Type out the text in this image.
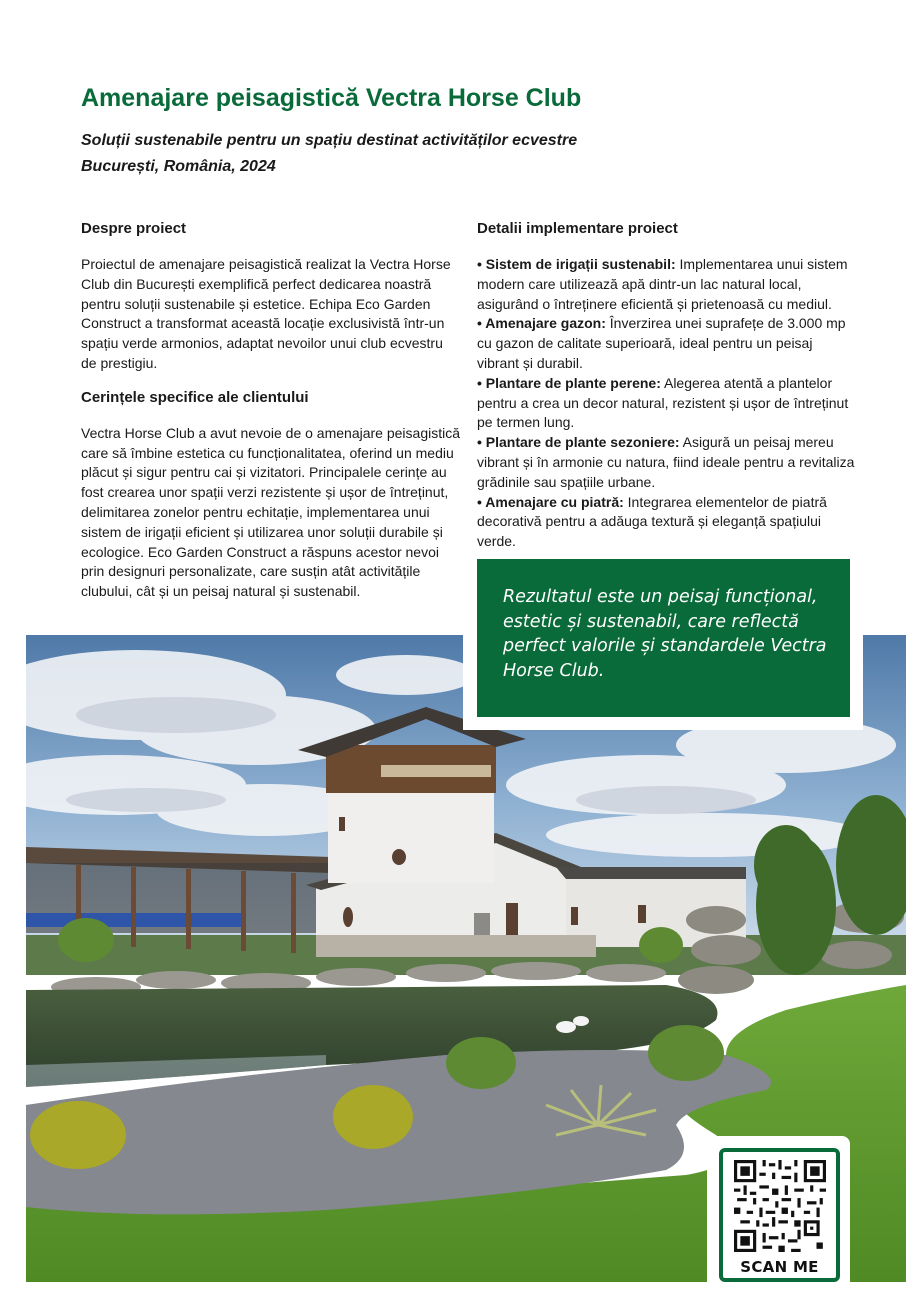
Amenajare peisagistică Vectra Horse Club
Soluții sustenabile pentru un spațiu destinat activităților ecvestre
București, România, 2024
Despre proiect

Proiectul de amenajare peisagistică realizat la Vectra Horse Club din București exemplifică perfect dedicarea noastră pentru soluții sustenabile și estetice. Echipa Eco Garden Construct a transformat această locație exclusivistă într-un spațiu verde armonios, adaptat nevoilor unui club ecvestru de prestigiu.

Cerințele specifice ale clientului

Vectra Horse Club a avut nevoie de o amenajare peisagistică care să îmbine estetica cu funcționalitatea, oferind un mediu plăcut și sigur pentru cai și vizitatori. Principalele cerințe au fost crearea unor spații verzi rezistente și ușor de întreținut, delimitarea zonelor pentru echitație, implementarea unui sistem de irigații eficient și utilizarea unor soluții durabile și ecologice. Eco Garden Construct a răspuns acestor nevoi prin designuri personalizate, care susțin atât activitățile clubului, cât și un peisaj natural și sustenabil.

Detalii implementare proiect
• Sistem de irigații sustenabil: Implementarea unui sistem modern care utilizează apă dintr-un lac natural local, asigurând o întreținere eficientă și prietenoasă cu mediul.
• Amenajare gazon: Înverzirea unei suprafețe de 3.000 mp cu gazon de calitate superioară, ideal pentru un peisaj vibrant și durabil.
• Plantare de plante perene: Alegerea atentă a plantelor pentru a crea un decor natural, rezistent și ușor de întreținut pe termen lung.
• Plantare de plante sezoniere: Asigură un peisaj mereu vibrant și în armonie cu natura, fiind ideale pentru a revitaliza grădinile sau spațiile urbane.
• Amenajare cu piatră: Integrarea elementelor de piatră decorativă pentru a adăuga textură și eleganță spațiului verde.

Rezultatul este un peisaj funcțional, estetic și sustenabil, care reflectă perfect valorile și standardele Vectra Horse Club.

SCAN ME
